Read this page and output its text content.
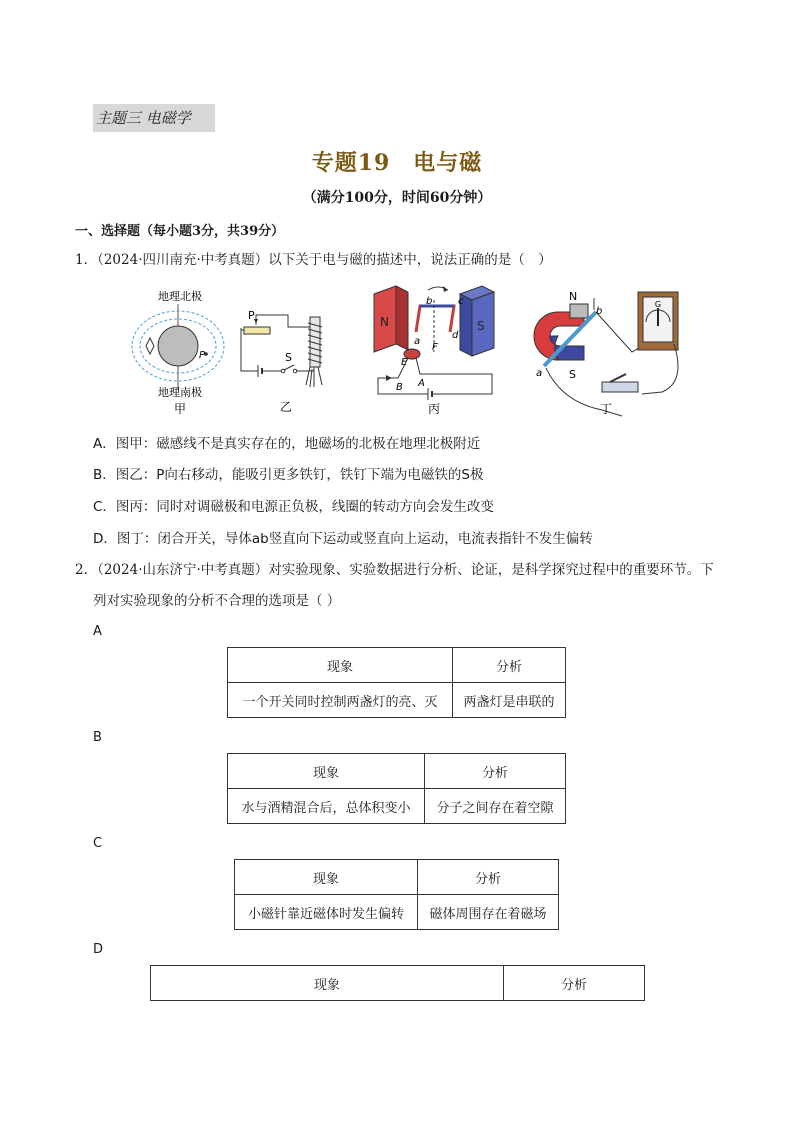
主题三 电磁学
专题19　电与磁
（满分100分，时间60分钟）
一、选择题（每小题3分，共39分）
1．（2024·四川南充·中考真题）以下关于电与磁的描述中，说法正确的是（　）
地理北极
P
地理南极
甲
S
P
乙
N	S
a
b	c
d
E
F
B A
丙
N
S
a
b
G
丁
A．图甲：磁感线不是真实存在的，地磁场的北极在地理北极附近
B．图乙：P向右移动，能吸引更多铁钉，铁钉下端为电磁铁的S极
C．图丙：同时对调磁极和电源正负极，线圈的转动方向会发生改变
D．图丁：闭合开关，导体ab竖直向下运动或竖直向上运动，电流表指针不发生偏转
2．（2024·山东济宁·中考真题）对实验现象、实验数据进行分析、论证，是科学探究过程中的重要环节。下
列对实验现象的分析不合理的选项是（ ）
A
现象	分析
一个开关同时控制两盏灯的亮、灭	两盏灯是串联的
B
现象	分析
水与酒精混合后，总体积变小	分子之间存在着空隙
C
现象	分析
小磁针靠近磁体时发生偏转	磁体周围存在着磁场
D
现象	分析
